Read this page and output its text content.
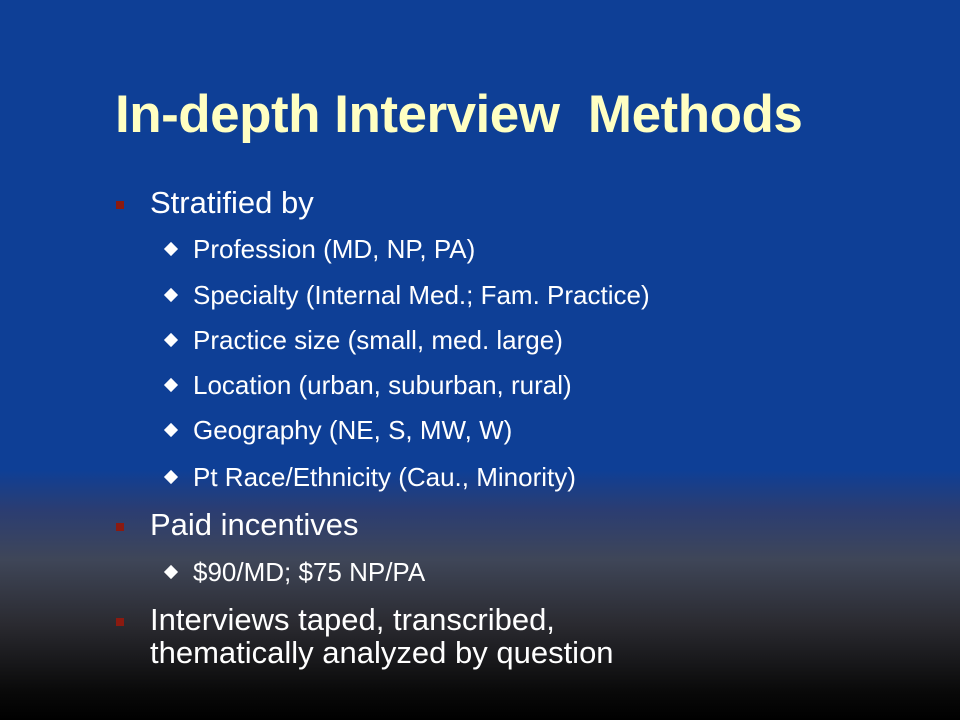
In-depth Interview  Methods
Stratified by
Profession (MD, NP, PA)
Specialty (Internal Med.; Fam. Practice)
Practice size (small, med. large)
Location (urban, suburban, rural)
Geography (NE, S, MW, W)
Pt Race/Ethnicity (Cau., Minority)
Paid incentives
$90/MD; $75 NP/PA
Interviews taped, transcribed,
thematically analyzed by question
